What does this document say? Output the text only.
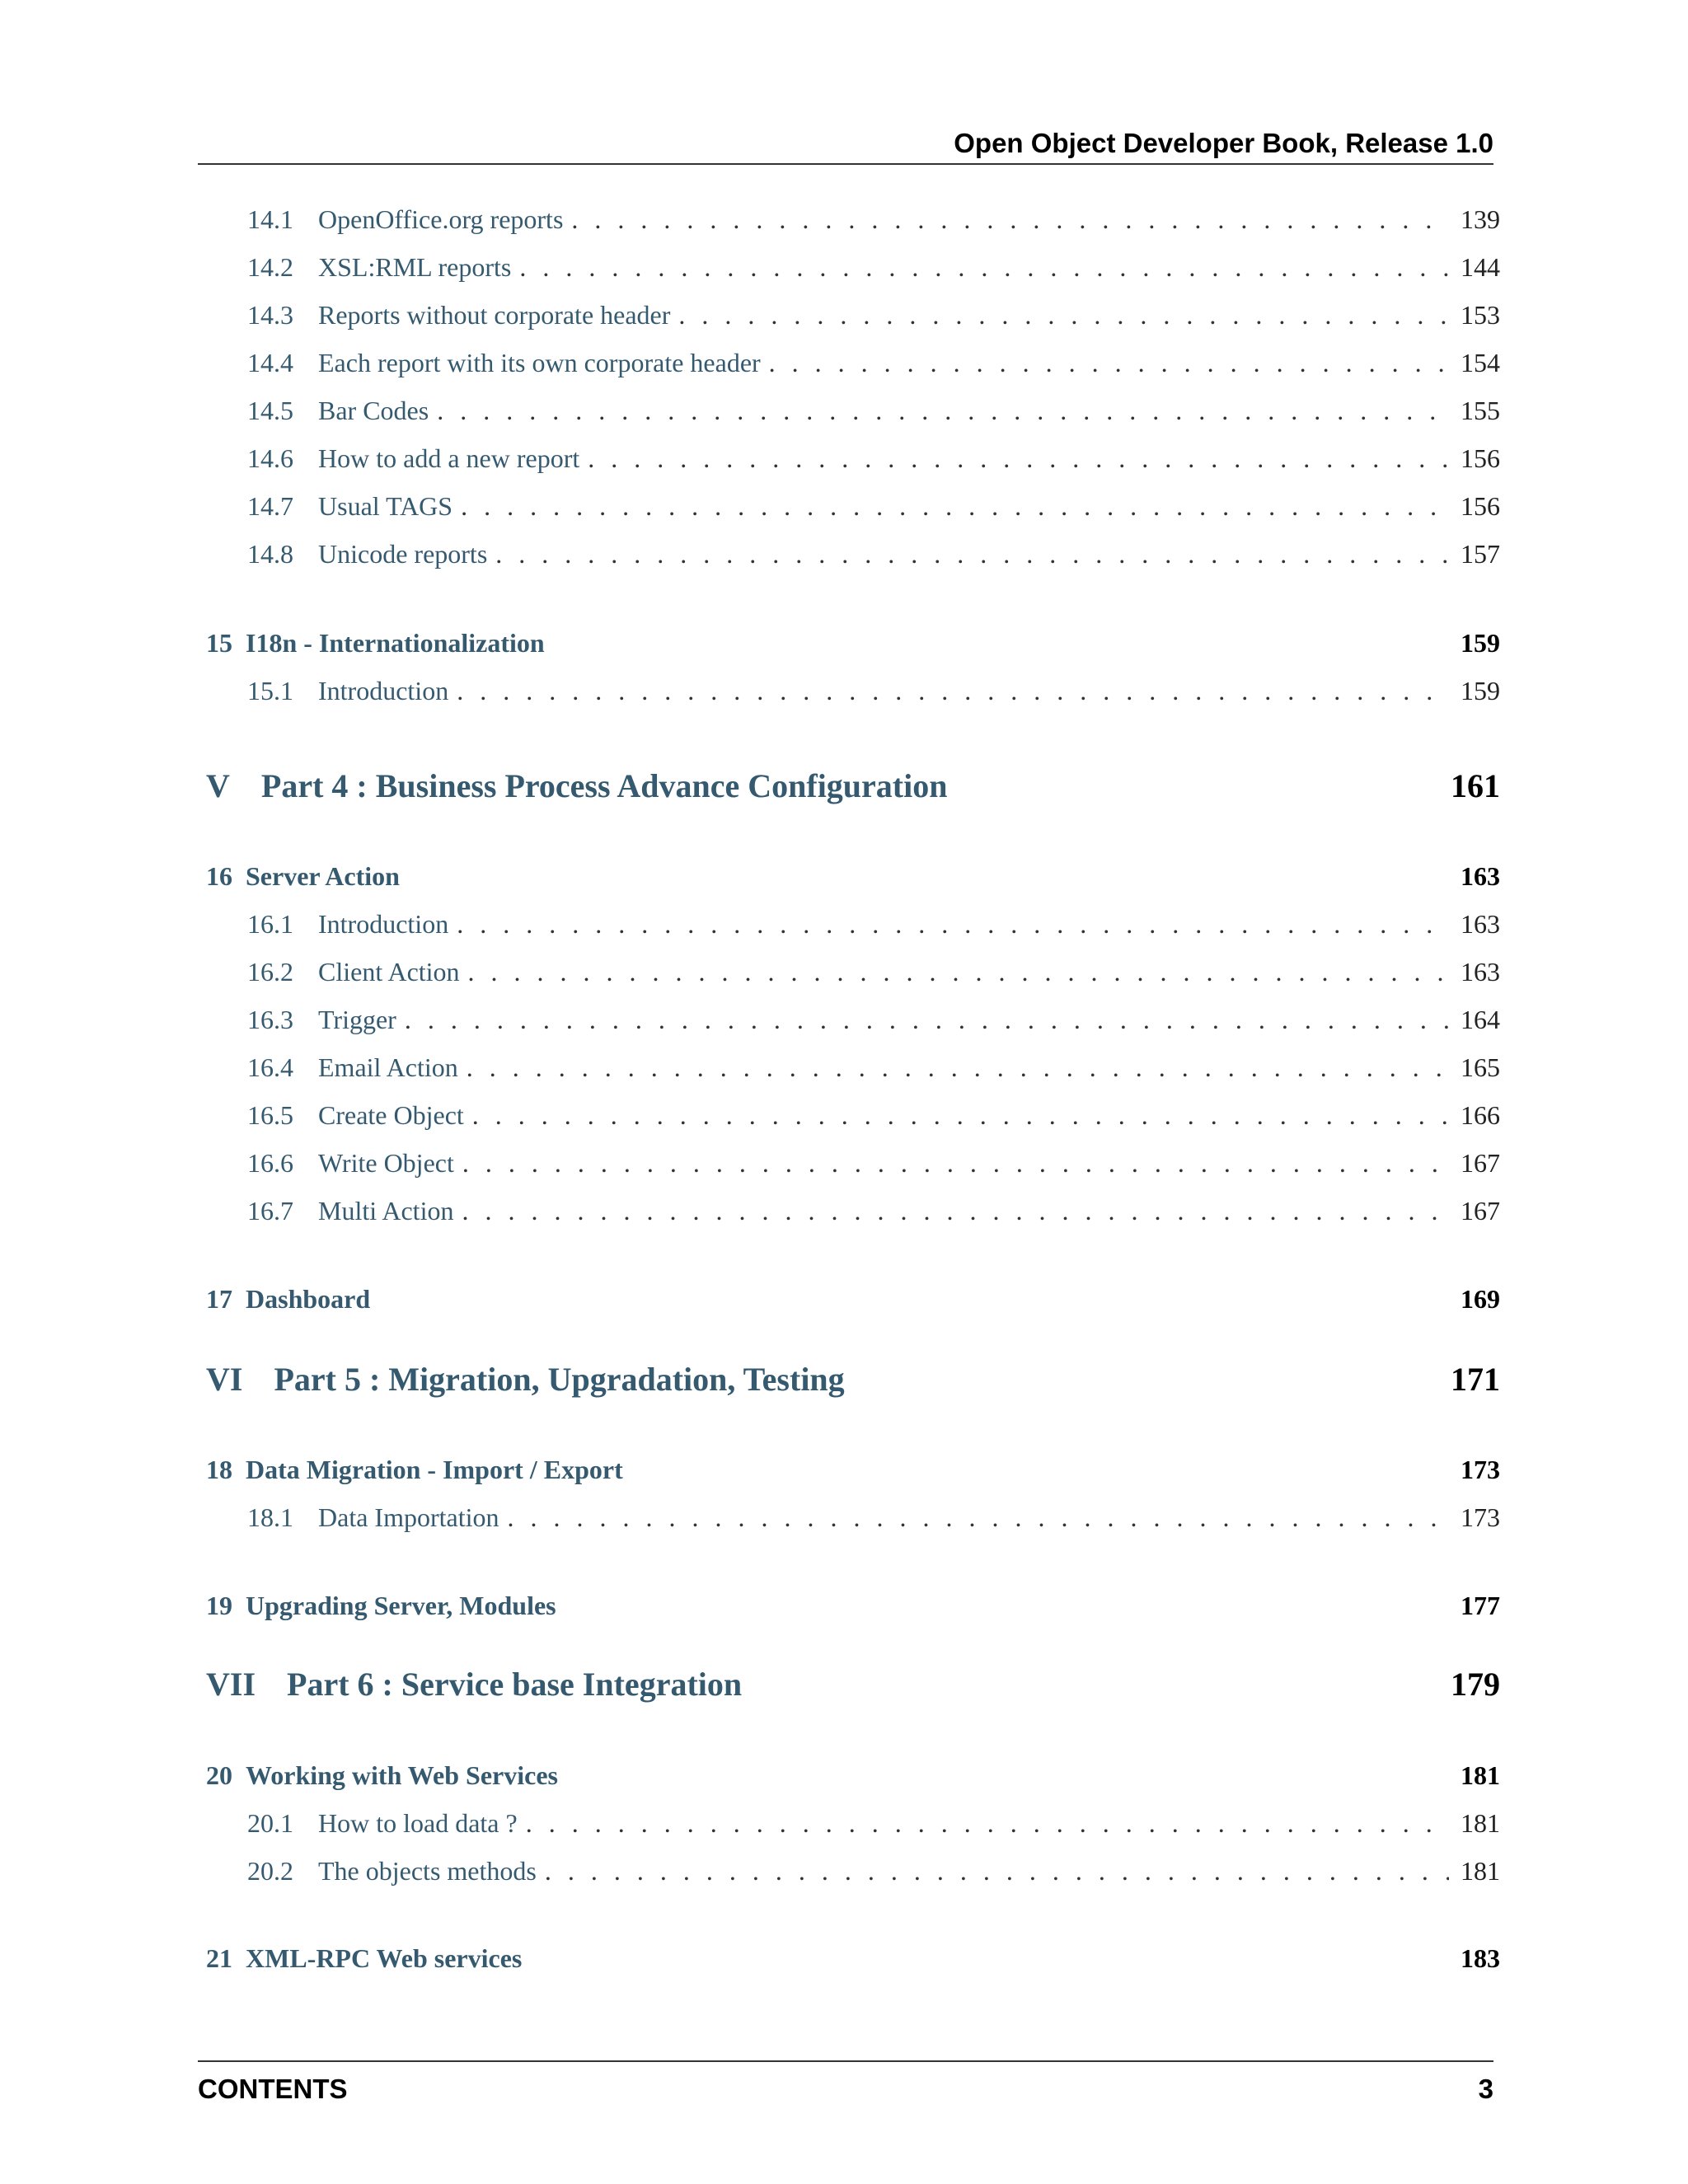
Open Object Developer Book, Release 1.0
14.1 OpenOffice.org reports . . .	139
14.2 XSL:RML reports . . .	144
14.3 Reports without corporate header . . .	153
14.4 Each report with its own corporate header . . .	154
14.5 Bar Codes . . .	155
14.6 How to add a new report . . .	156
14.7 Usual TAGS . . .	156
14.8 Unicode reports . . .	157
15 I18n - Internationalization	159
15.1 Introduction . . .	159
V Part 4 : Business Process Advance Configuration	161
16 Server Action	163
16.1 Introduction . . .	163
16.2 Client Action . . .	163
16.3 Trigger . . .	164
16.4 Email Action . . .	165
16.5 Create Object . . .	166
16.6 Write Object . . .	167
16.7 Multi Action . . .	167
17 Dashboard	169
VI Part 5 : Migration, Upgradation, Testing	171
18 Data Migration - Import / Export	173
18.1 Data Importation . . .	173
19 Upgrading Server, Modules	177
VII Part 6 : Service base Integration	179
20 Working with Web Services	181
20.1 How to load data ? . . .	181
20.2 The objects methods . . .	181
21 XML-RPC Web services	183
CONTENTS	3
